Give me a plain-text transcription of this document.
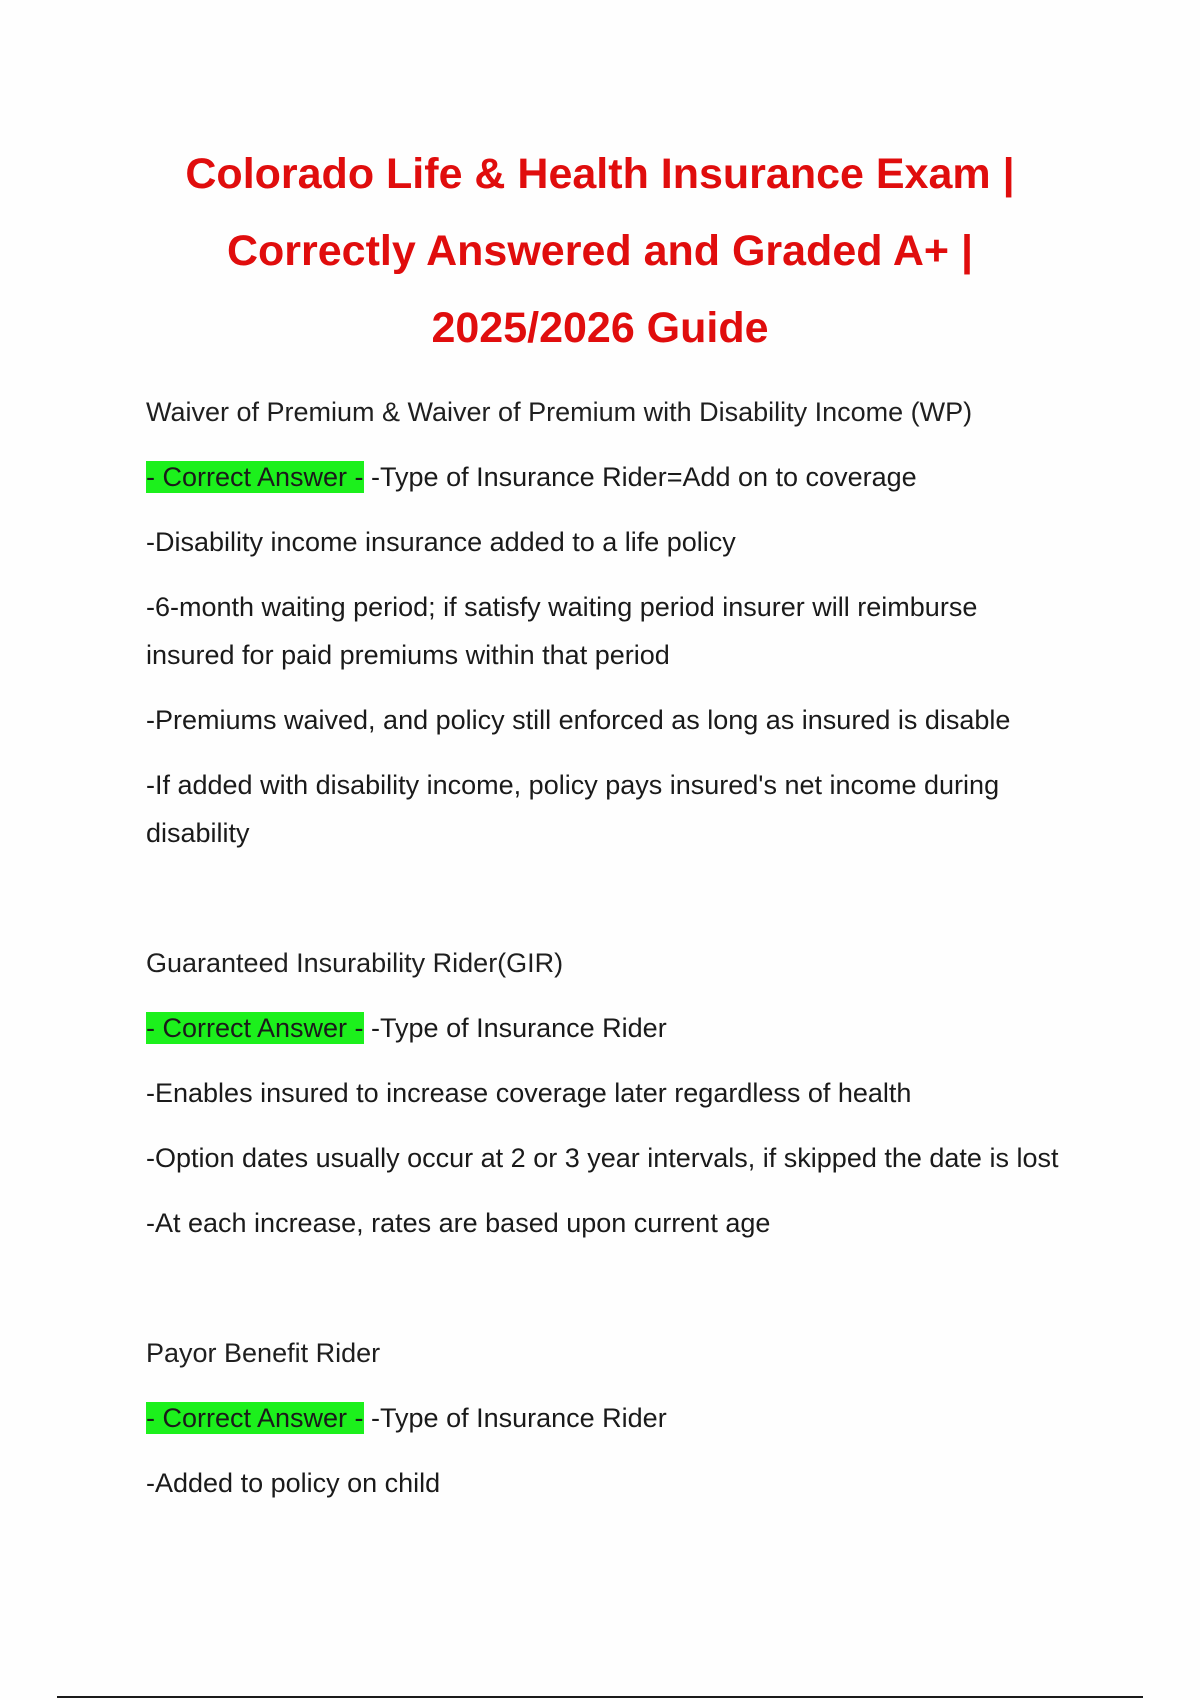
Colorado Life & Health Insurance Exam |
Correctly Answered and Graded A+ |
2025/2026 Guide

Waiver of Premium & Waiver of Premium with Disability Income (WP)

- Correct Answer - -Type of Insurance Rider=Add on to coverage

-Disability income insurance added to a life policy

-6-month waiting period; if satisfy waiting period insurer will reimburse insured for paid premiums within that period

-Premiums waived, and policy still enforced as long as insured is disable

-If added with disability income, policy pays insured's net income during disability

Guaranteed Insurability Rider(GIR)

- Correct Answer - -Type of Insurance Rider

-Enables insured to increase coverage later regardless of health

-Option dates usually occur at 2 or 3 year intervals, if skipped the date is lost

-At each increase, rates are based upon current age

Payor Benefit Rider

- Correct Answer - -Type of Insurance Rider

-Added to policy on child
